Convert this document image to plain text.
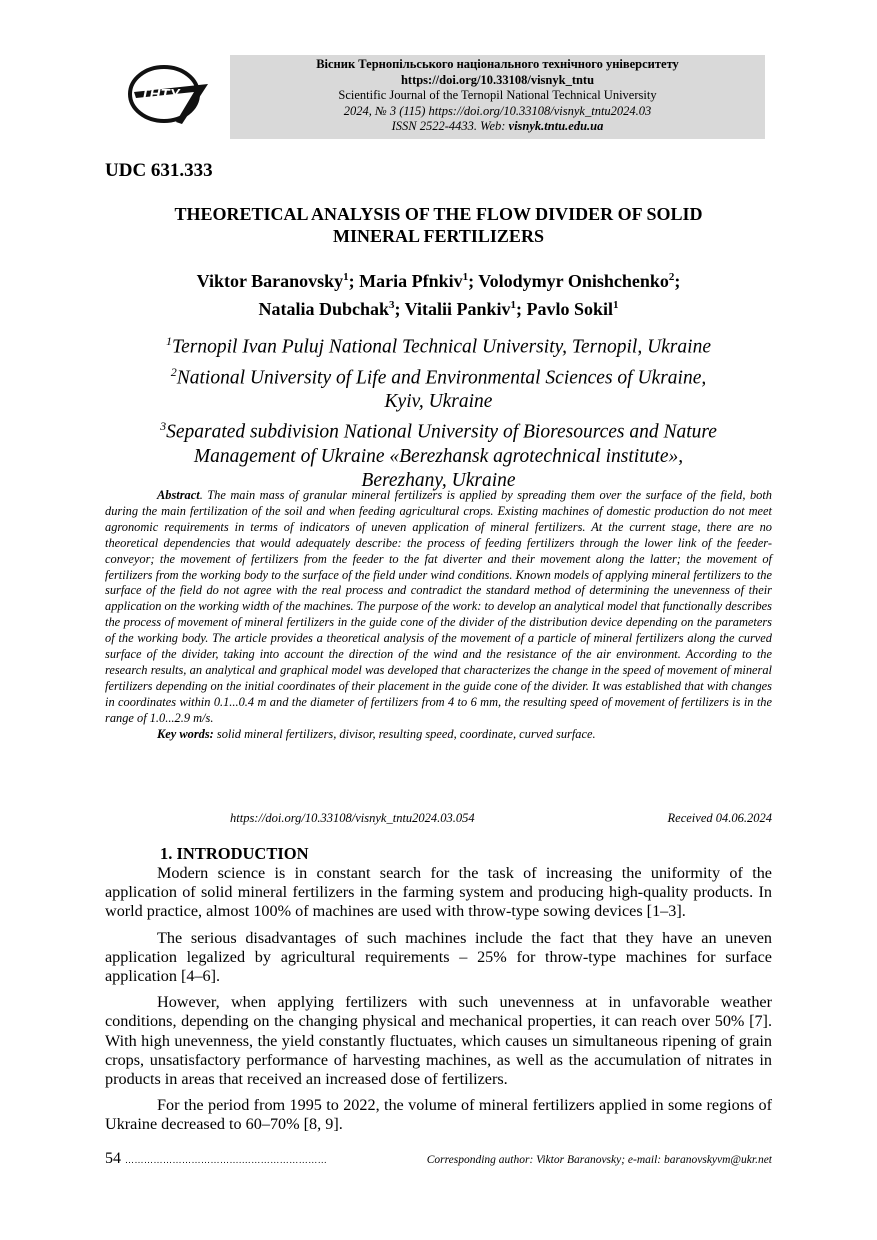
ТНТУ
Вісник Тернопільського національного технічного університету
https://doi.org/10.33108/visnyk_tntu
Scientific Journal of the Ternopil National Technical University
2024, № 3 (115) https://doi.org/10.33108/visnyk_tntu2024.03
ISSN 2522-4433. Web: visnyk.tntu.edu.ua
UDC 631.333
THEORETICAL ANALYSIS OF THE FLOW DIVIDER OF SOLID
MINERAL FERTILIZERS
Viktor Baranovsky$^1$; Maria Pfnkiv$^1$; Volodymyr Onishchenko$^2$;
Natalia Dubchak$^3$; Vitalii Pankiv$^1$; Pavlo Sokil$^1$
$^1$Ternopil Ivan Puluj National Technical University, Ternopil, Ukraine
$^2$National University of Life and Environmental Sciences of Ukraine,
Kyiv, Ukraine
$^3$Separated subdivision National University of Bioresources and Nature
Management of Ukraine «Berezhansk agrotechnical institute»,
Berezhany, Ukraine

Abstract. The main mass of granular mineral fertilizers is applied by spreading them over the surface of the field, both during the main fertilization of the soil and when feeding agricultural crops. Existing machines of domestic production do not meet agronomic requirements in terms of indicators of uneven application of mineral fertilizers. At the current stage, there are no theoretical dependencies that would adequately describe: the process of feeding fertilizers through the lower link of the feeder-conveyor; the movement of fertilizers from the feeder to the fat diverter and their movement along the latter; the movement of fertilizers from the working body to the surface of the field under wind conditions. Known models of applying mineral fertilizers to the surface of the field do not agree with the real process and contradict the standard method of determining the unevenness of their application on the working width of the machines. The purpose of the work: to develop an analytical model that functionally describes the process of movement of mineral fertilizers in the guide cone of the divider of the distribution device depending on the parameters of the working body. The article provides a theoretical analysis of the movement of a particle of mineral fertilizers along the curved surface of the divider, taking into account the direction of the wind and the resistance of the air environment. According to the research results, an analytical and graphical model was developed that characterizes the change in the speed of movement of mineral fertilizers depending on the initial coordinates of their placement in the guide cone of the divider. It was established that with changes in coordinates within 0.1...0.4 m and the diameter of fertilizers from 4 to 6 mm, the resulting speed of movement of fertilizers is in the range of 1.0...2.9 m/s.

Key words: solid mineral fertilizers, divisor, resulting speed, coordinate, curved surface.

https://doi.org/10.33108/visnyk_tntu2024.03.054	Received 04.06.2024
1. INTRODUCTION

Modern science is in constant search for the task of increasing the uniformity of the application of solid mineral fertilizers in the farming system and producing high-quality products. In world practice, almost 100% of machines are used with throw-type sowing devices [1–3].

The serious disadvantages of such machines include the fact that they have an uneven application legalized by agricultural requirements – 25% for throw-type machines for surface application [4–6].

However, when applying fertilizers with such unevenness at in unfavorable weather conditions, depending on the changing physical and mechanical properties, it can reach over 50% [7]. With high unevenness, the yield constantly fluctuates, which causes un simultaneous ripening of grain crops, unsatisfactory performance of harvesting machines, as well as the accumulation of nitrates in products in areas that received an increased dose of fertilizers.

For the period from 1995 to 2022, the volume of mineral fertilizers applied in some regions of Ukraine decreased to 60–70% [8, 9].

54 ……………………………….………………………	Corresponding author: Viktor Baranovsky; e-mail: baranovskyvm@ukr.net
